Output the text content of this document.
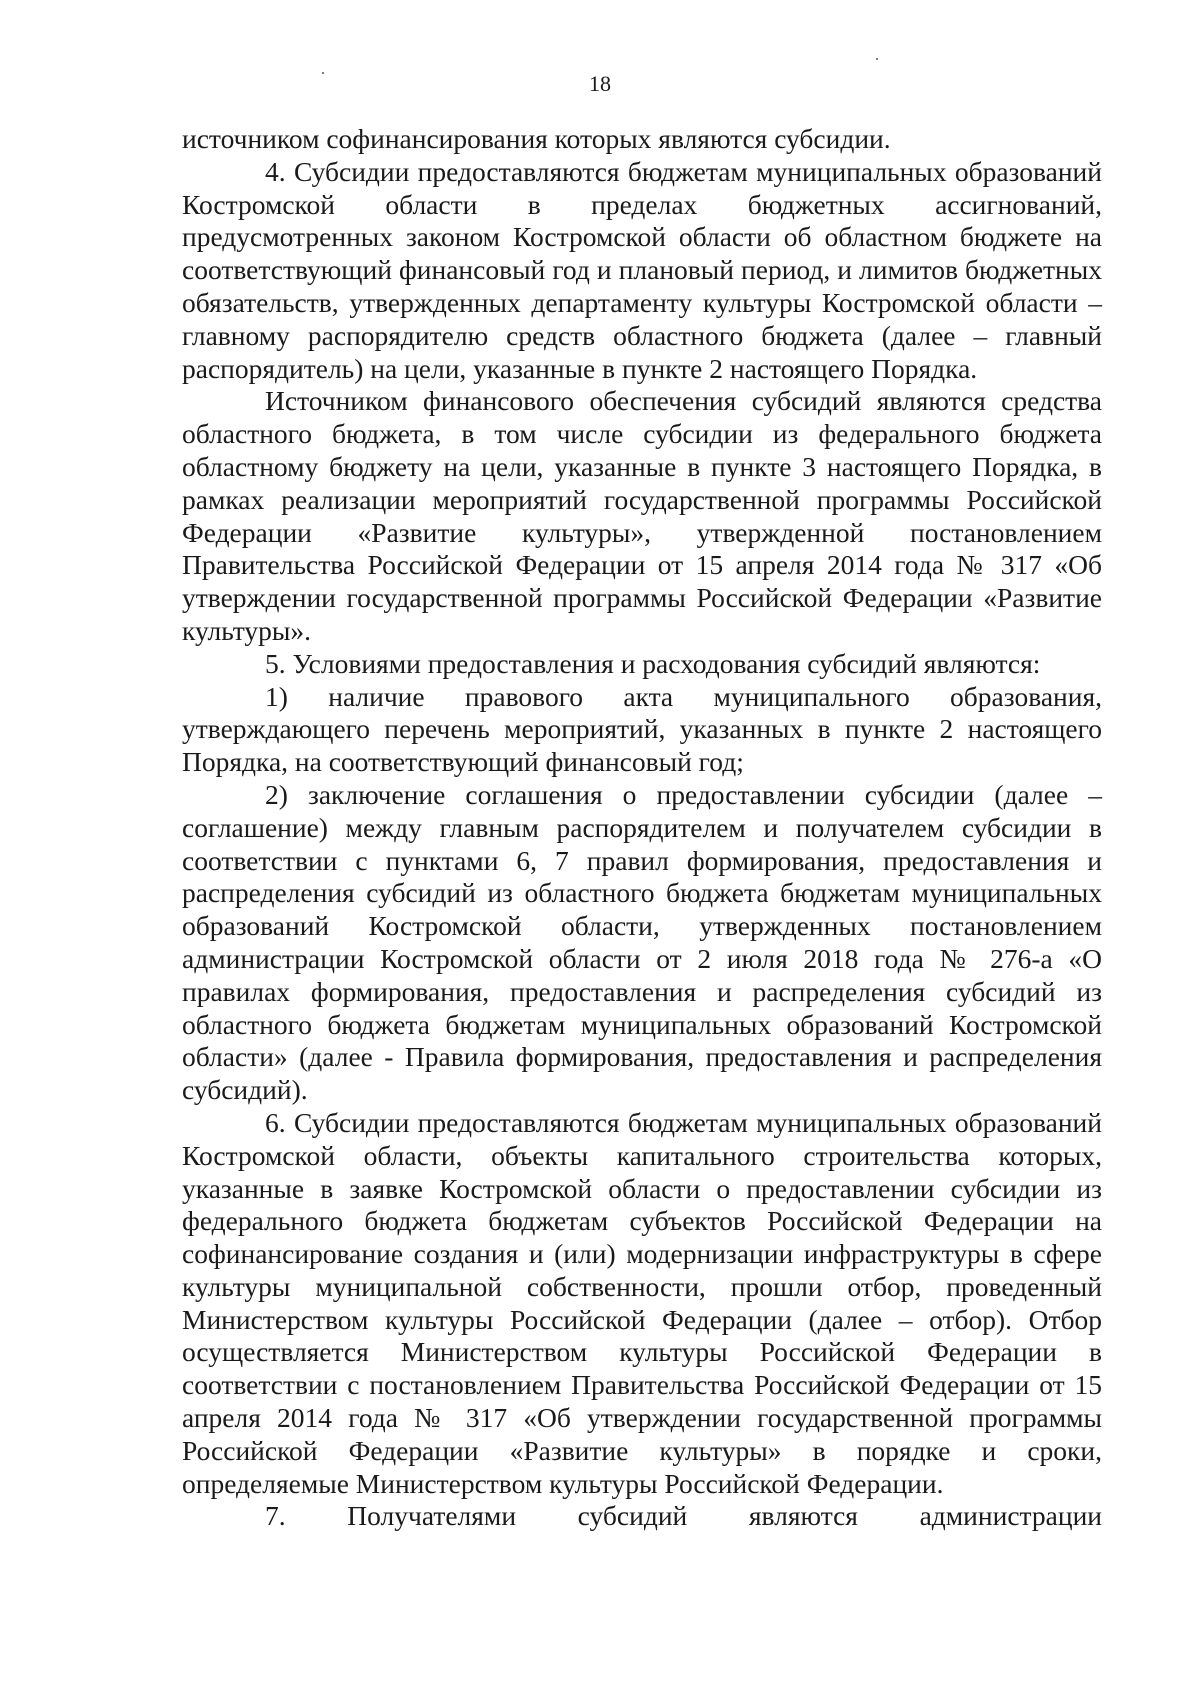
18

источником софинансирования которых являются субсидии.

4. Субсидии предоставляются бюджетам муниципальных образований Костромской области в пределах бюджетных ассигнований, предусмотренных законом Костромской области об областном бюджете на соответствующий финансовый год и плановый период, и лимитов бюджетных обязательств, утвержденных департаменту культуры Костромской области – главному распорядителю средств областного бюджета (далее – главный распорядитель) на цели, указанные в пункте 2 настоящего Порядка.

Источником финансового обеспечения субсидий являются средства областного бюджета, в том числе субсидии из федерального бюджета областному бюджету на цели, указанные в пункте 3 настоящего Порядка, в рамках реализации мероприятий государственной программы Российской Федерации «Развитие культуры», утвержденной постановлением Правительства Российской Федерации от 15 апреля 2014 года № 317 «Об утверждении государственной программы Российской Федерации «Развитие культуры».

5. Условиями предоставления и расходования субсидий являются:

1) наличие правового акта муниципального образования, утверждающего перечень мероприятий, указанных в пункте 2 настоящего Порядка, на соответствующий финансовый год;

2) заключение соглашения о предоставлении субсидии (далее – соглашение) между главным распорядителем и получателем субсидии в соответствии с пунктами 6, 7 правил формирования, предоставления и распределения субсидий из областного бюджета бюджетам муниципальных образований Костромской области, утвержденных постановлением администрации Костромской области от 2 июля 2018 года № 276-а «О правилах формирования, предоставления и распределения субсидий из областного бюджета бюджетам муниципальных образований Костромской области» (далее - Правила формирования, предоставления и распределения субсидий).

6. Субсидии предоставляются бюджетам муниципальных образований Костромской области, объекты капитального строительства которых, указанные в заявке Костромской области о предоставлении субсидии из федерального бюджета бюджетам субъектов Российской Федерации на софинансирование создания и (или) модернизации инфраструктуры в сфере культуры муниципальной собственности, прошли отбор, проведенный Министерством культуры Российской Федерации (далее – отбор). Отбор осуществляется Министерством культуры Российской Федерации в соответствии с постановлением Правительства Российской Федерации от 15 апреля 2014 года № 317 «Об утверждении государственной программы Российской Федерации «Развитие культуры» в порядке и сроки, определяемые Министерством культуры Российской Федерации.

7. Получателями субсидий являются администрации
